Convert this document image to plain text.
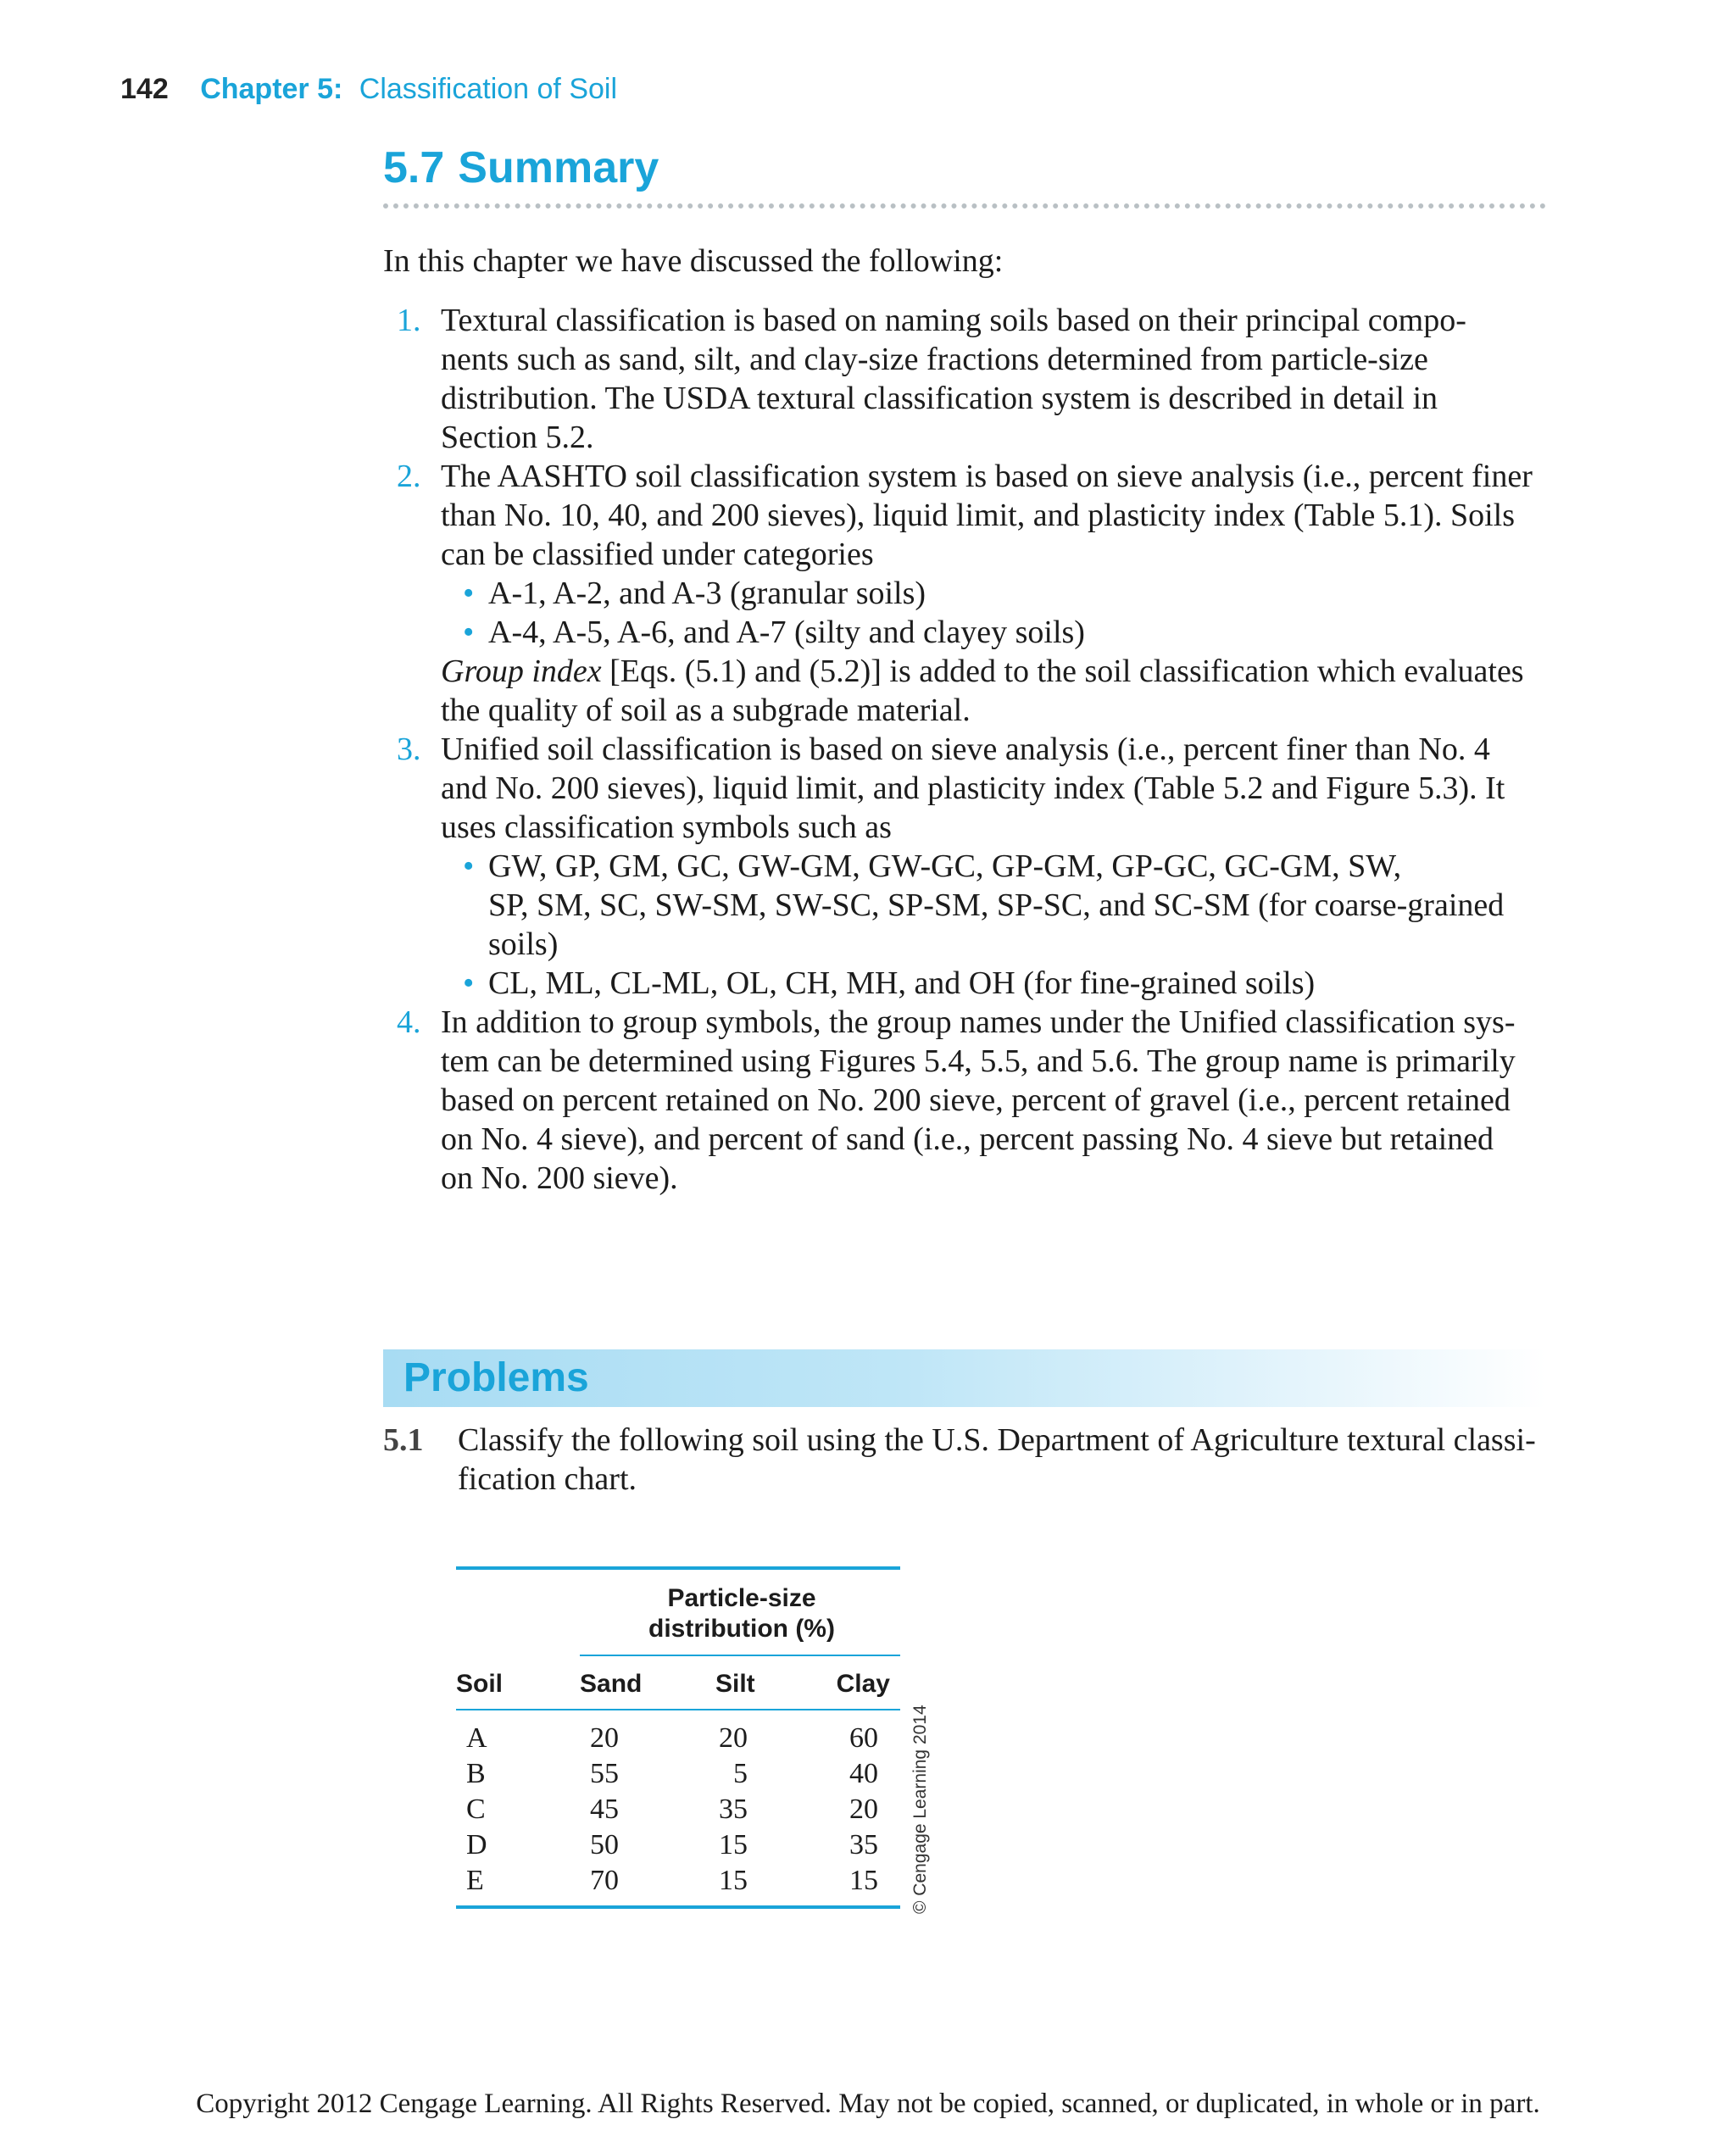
142 Chapter 5: Classification of Soil
5.7 Summary
In this chapter we have discussed the following:
1. Textural classification is based on naming soils based on their principal compo-
nents such as sand, silt, and clay-size fractions determined from particle-size
distribution. The USDA textural classification system is described in detail in
Section 5.2.
2. The AASHTO soil classification system is based on sieve analysis (i.e., percent finer
than No. 10, 40, and 200 sieves), liquid limit, and plasticity index (Table 5.1). Soils
can be classified under categories
• A-1, A-2, and A-3 (granular soils)
• A-4, A-5, A-6, and A-7 (silty and clayey soils)
Group index [Eqs. (5.1) and (5.2)] is added to the soil classification which evaluates
the quality of soil as a subgrade material.
3. Unified soil classification is based on sieve analysis (i.e., percent finer than No. 4
and No. 200 sieves), liquid limit, and plasticity index (Table 5.2 and Figure 5.3). It
uses classification symbols such as
• GW, GP, GM, GC, GW-GM, GW-GC, GP-GM, GP-GC, GC-GM, SW,
SP, SM, SC, SW-SM, SW-SC, SP-SM, SP-SC, and SC-SM (for coarse-grained
soils)
• CL, ML, CL-ML, OL, CH, MH, and OH (for fine-grained soils)
4. In addition to group symbols, the group names under the Unified classification sys-
tem can be determined using Figures 5.4, 5.5, and 5.6. The group name is primarily
based on percent retained on No. 200 sieve, percent of gravel (i.e., percent retained
on No. 4 sieve), and percent of sand (i.e., percent passing No. 4 sieve but retained
on No. 200 sieve).
Problems
5.1 Classify the following soil using the U.S. Department of Agriculture textural classi-
fication chart.
Particle-size
distribution (%)
Soil	Sand	Silt	Clay
A	20	20	60
B	55	5	40
C	45	35	20
D	50	15	35
E	70	15	15 © Cengage Learning 2014
Copyright 2012 Cengage Learning. All Rights Reserved. May not be copied, scanned, or duplicated, in whole or in part.
